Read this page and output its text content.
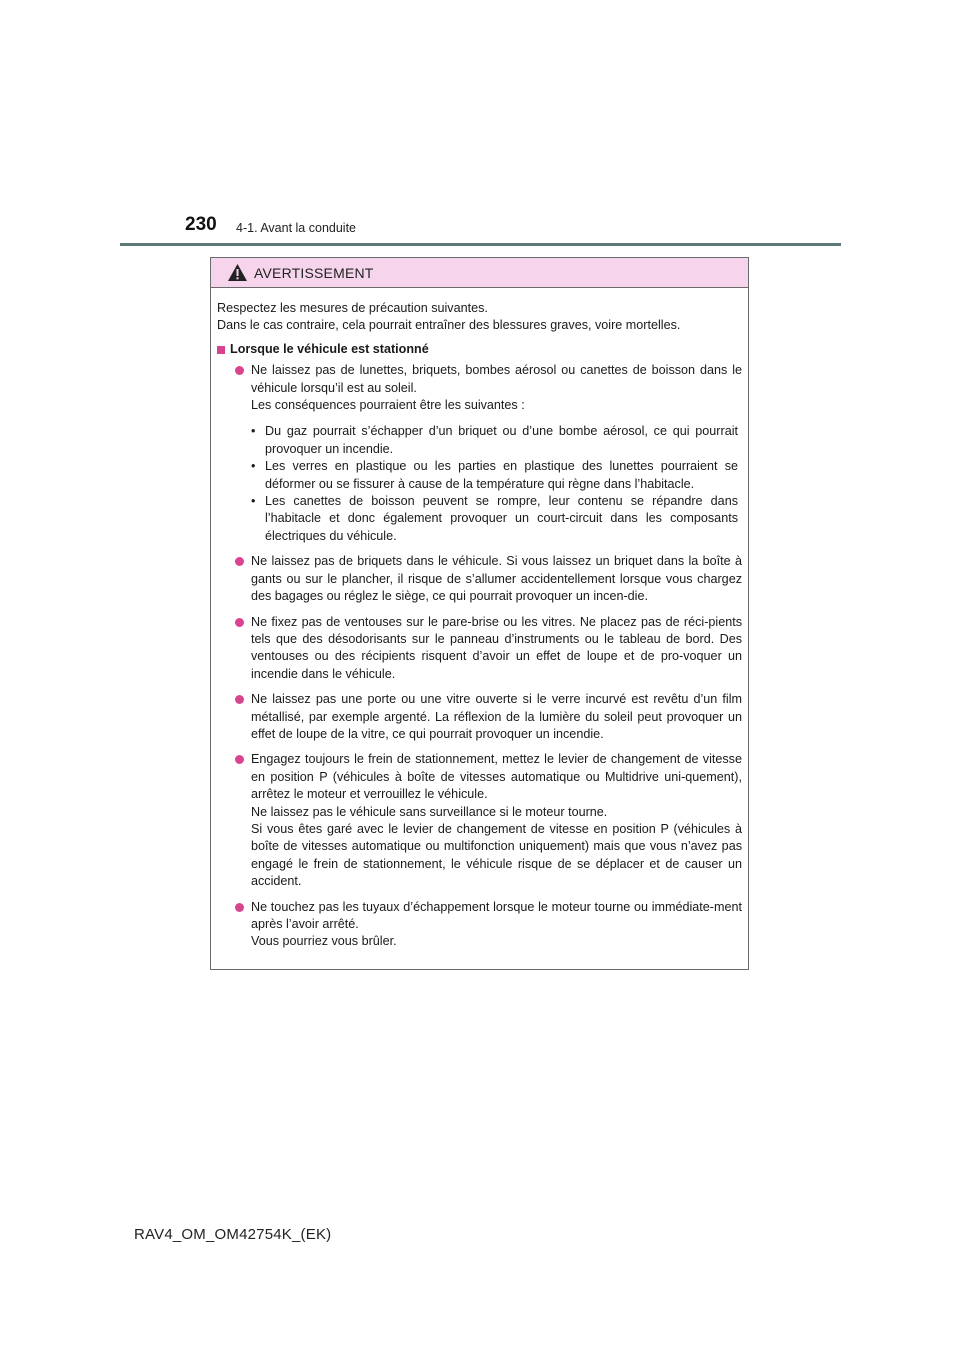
230 4-1. Avant la conduite
AVERTISSEMENT

Respectez les mesures de précaution suivantes.

Dans le cas contraire, cela pourrait entraîner des blessures graves, voire mortelles.

Lorsque le véhicule est stationné

Ne laissez pas de lunettes, briquets, bombes aérosol ou canettes de boisson dans le véhicule lorsqu’il est au soleil.

Les conséquences pourraient être les suivantes :

• Du gaz pourrait s’échapper d’un briquet ou d’une bombe aérosol, ce qui pourrait provoquer un incendie.
• Les verres en plastique ou les parties en plastique des lunettes pourraient se déformer ou se fissurer à cause de la température qui règne dans l’habitacle.
• Les canettes de boisson peuvent se rompre, leur contenu se répandre dans l’habitacle et donc également provoquer un court-circuit dans les composants électriques du véhicule.

Ne laissez pas de briquets dans le véhicule. Si vous laissez un briquet dans la boîte à gants ou sur le plancher, il risque de s’allumer accidentellement lorsque vous chargez des bagages ou réglez le siège, ce qui pourrait provoquer un incen-die.

Ne fixez pas de ventouses sur le pare-brise ou les vitres. Ne placez pas de réci-pients tels que des désodorisants sur le panneau d’instruments ou le tableau de bord. Des ventouses ou des récipients risquent d’avoir un effet de loupe et de pro-voquer un incendie dans le véhicule.

Ne laissez pas une porte ou une vitre ouverte si le verre incurvé est revêtu d’un film métallisé, par exemple argenté. La réflexion de la lumière du soleil peut provoquer un effet de loupe de la vitre, ce qui pourrait provoquer un incendie.

Engagez toujours le frein de stationnement, mettez le levier de changement de vitesse en position P (véhicules à boîte de vitesses automatique ou Multidrive uni-quement), arrêtez le moteur et verrouillez le véhicule.

Ne laissez pas le véhicule sans surveillance si le moteur tourne.

Si vous êtes garé avec le levier de changement de vitesse en position P (véhicules à boîte de vitesses automatique ou multifonction uniquement) mais que vous n’avez pas engagé le frein de stationnement, le véhicule risque de se déplacer et de causer un accident.

Ne touchez pas les tuyaux d’échappement lorsque le moteur tourne ou immédiate-ment après l’avoir arrêté.

Vous pourriez vous brûler.

RAV4_OM_OM42754K_(EK)
